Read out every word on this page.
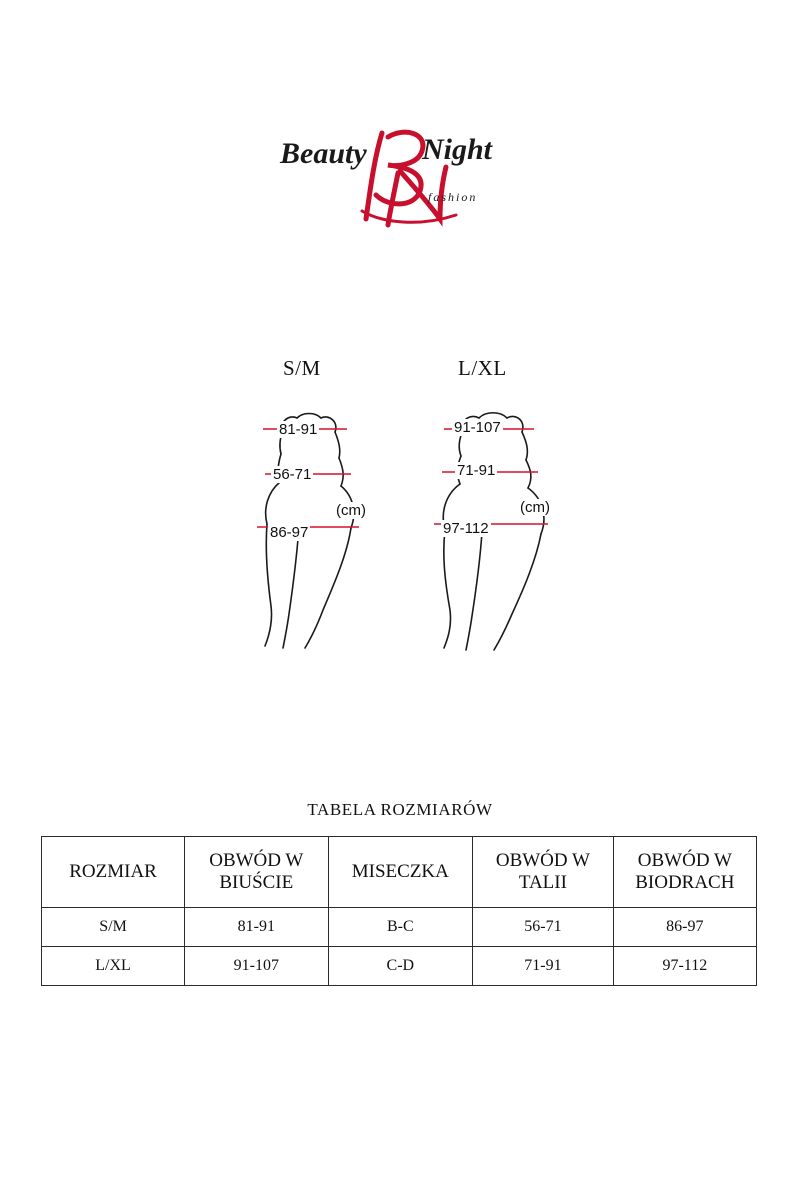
Beauty Night
fashion
S/M	L/XL
81-91
56-71
86-97
(cm)
91-107
71-91
97-112
(cm)
TABELA ROZMIARÓW
ROZMIAR	OBWÓD W BIUŚCIE	MISECZKA	OBWÓD W TALII	OBWÓD W BIODRACH
S/M	81-91	B-C	56-71	86-97
L/XL	91-107	C-D	71-91	97-112
